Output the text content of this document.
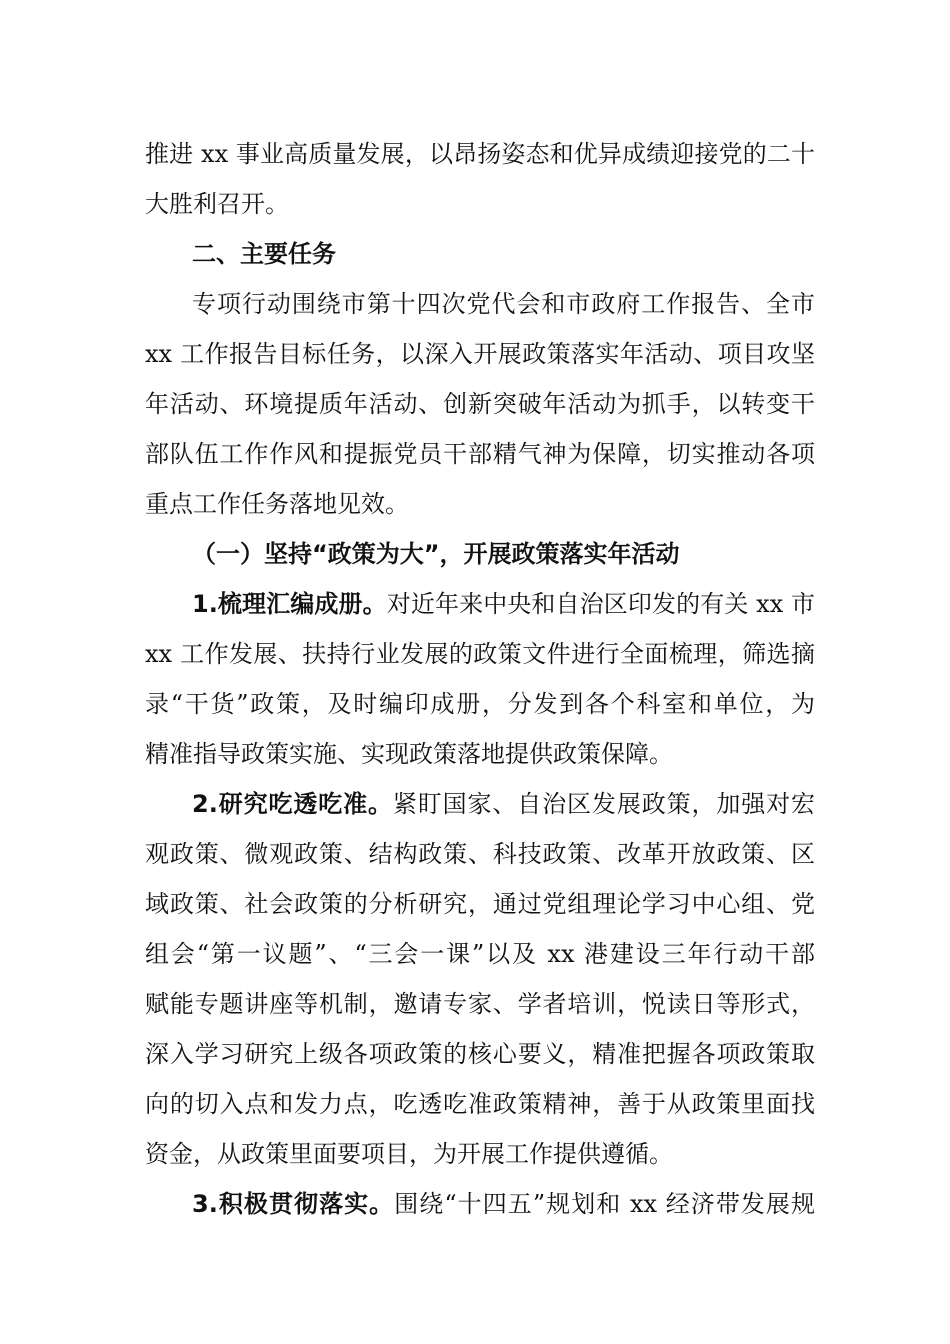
推进 xx 事业高质量发展，以昂扬姿态和优异成绩迎接党的二十
大胜利召开。
二、主要任务
专项行动围绕市第十四次党代会和市政府工作报告、全市
xx 工作报告目标任务，以深入开展政策落实年活动、项目攻坚
年活动、环境提质年活动、创新突破年活动为抓手，以转变干
部队伍工作作风和提振党员干部精气神为保障，切实推动各项
重点工作任务落地见效。
（一）坚持“政策为大”，开展政策落实年活动
1.梳理汇编成册。对近年来中央和自治区印发的有关 xx 市
xx 工作发展、扶持行业发展的政策文件进行全面梳理，筛选摘
录“干货”政策，及时编印成册，分发到各个科室和单位，为
精准指导政策实施、实现政策落地提供政策保障。
2.研究吃透吃准。紧盯国家、自治区发展政策，加强对宏
观政策、微观政策、结构政策、科技政策、改革开放政策、区
域政策、社会政策的分析研究，通过党组理论学习中心组、党
组会“第一议题”、“三会一课”以及 xx 港建设三年行动干部
赋能专题讲座等机制，邀请专家、学者培训，悦读日等形式，
深入学习研究上级各项政策的核心要义，精准把握各项政策取
向的切入点和发力点，吃透吃准政策精神，善于从政策里面找
资金，从政策里面要项目，为开展工作提供遵循。
3.积极贯彻落实。围绕“十四五”规划和 xx 经济带发展规
